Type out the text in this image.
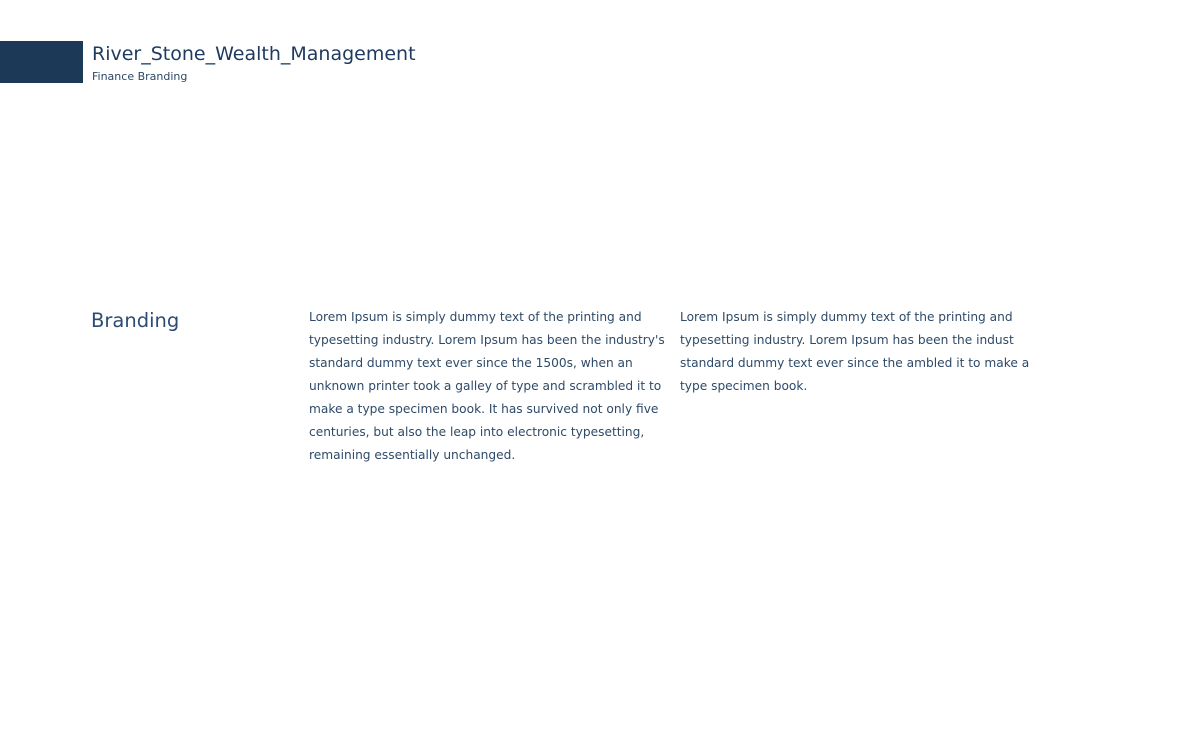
River_Stone_Wealth_Management
Finance Branding
Branding	Lorem Ipsum is simply dummy text of the printing and
typesetting industry. Lorem Ipsum has been the industry's
standard dummy text ever since the 1500s, when an
unknown printer took a galley of type and scrambled it to
make a type specimen book. It has survived not only five
centuries, but also the leap into electronic typesetting,
remaining essentially unchanged.
Lorem Ipsum is simply dummy text of the printing and
typesetting industry. Lorem Ipsum has been the indust
standard dummy text ever since the ambled it to make a
type specimen book.
